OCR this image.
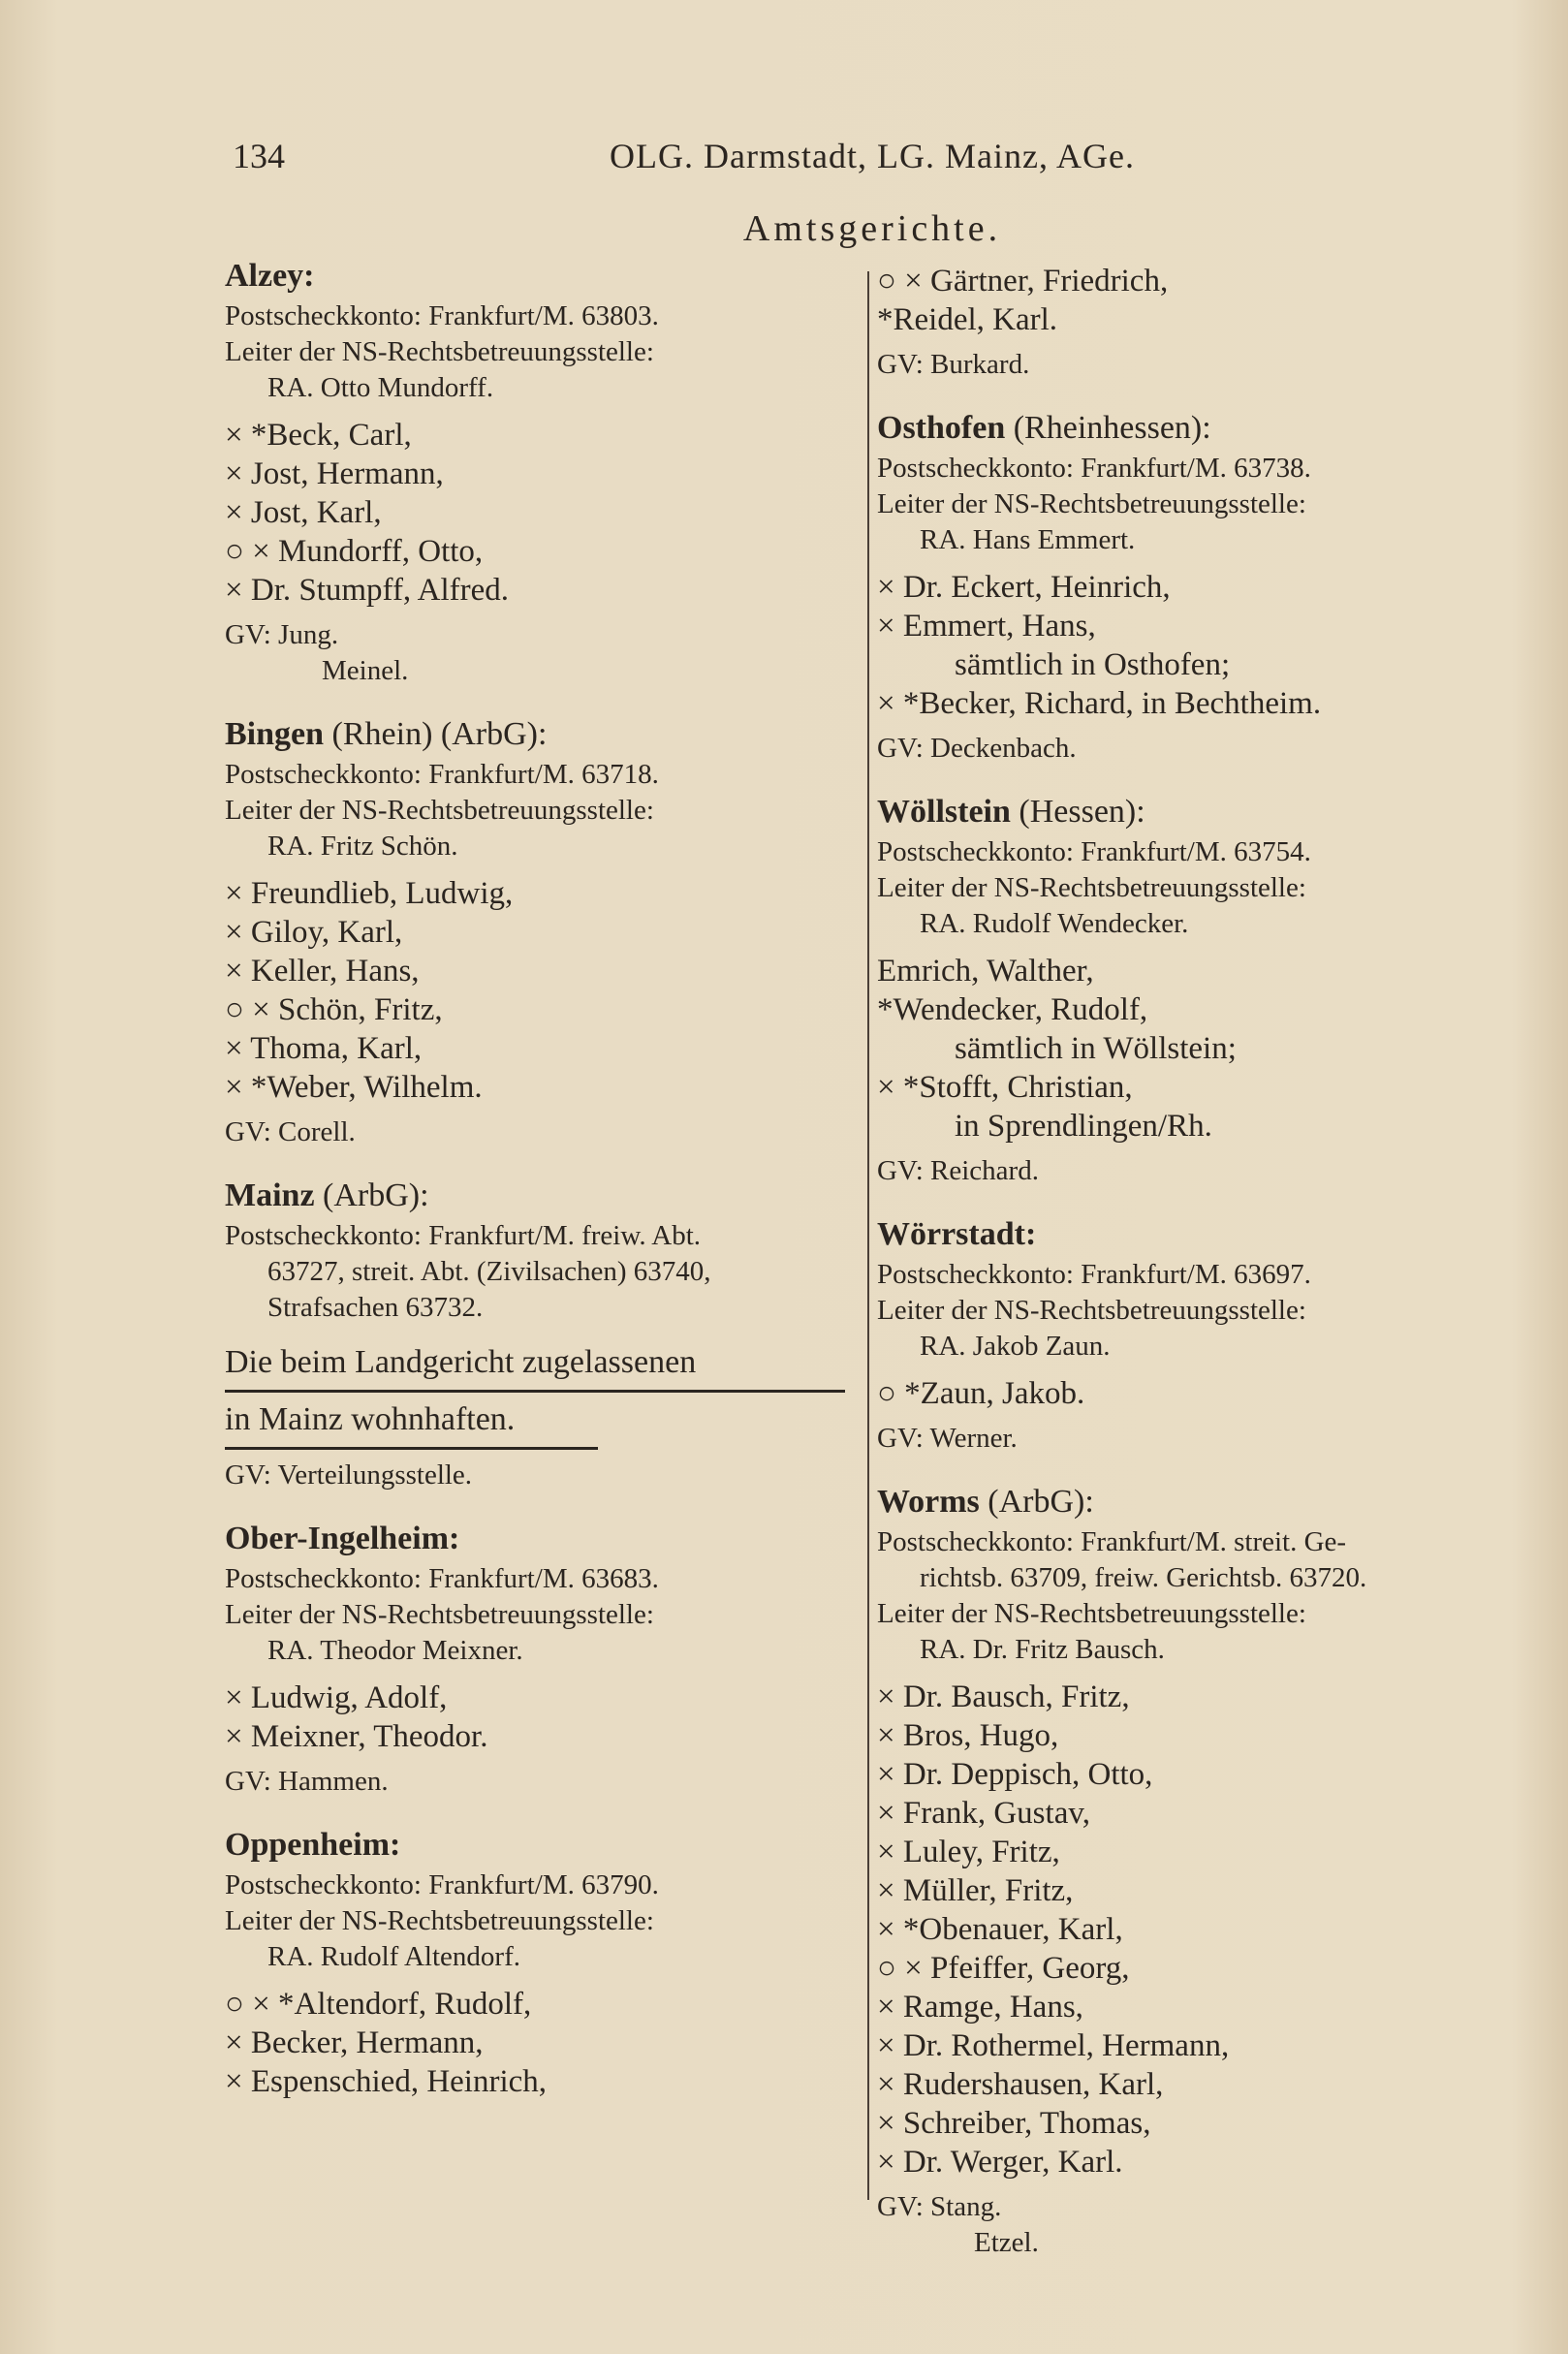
134	OLG. Darmstadt, LG. Mainz, AGe.
Amtsgerichte.
Alzey:
Postscheckkonto: Frankfurt/M. 63803.
Leiter der NS-Rechtsbetreuungsstelle:
RA. Otto Mundorff.
× *Beck, Carl,
× Jost, Hermann,
× Jost, Karl,
○ × Mundorff, Otto,
× Dr. Stumpff, Alfred.
GV: Jung.
Meinel.
Bingen (Rhein) (ArbG):
Postscheckkonto: Frankfurt/M. 63718.
Leiter der NS-Rechtsbetreuungsstelle:
RA. Fritz Schön.
× Freundlieb, Ludwig,
× Giloy, Karl,
× Keller, Hans,
○ × Schön, Fritz,
× Thoma, Karl,
× *Weber, Wilhelm.
GV: Corell.
Mainz (ArbG):
Postscheckkonto: Frankfurt/M. freiw. Abt.
63727, streit. Abt. (Zivilsachen) 63740,
Strafsachen 63732.
Die beim Landgericht zugelassenen
in Mainz wohnhaften.
GV: Verteilungsstelle.
Ober-Ingelheim:
Postscheckkonto: Frankfurt/M. 63683.
Leiter der NS-Rechtsbetreuungsstelle:
RA. Theodor Meixner.
× Ludwig, Adolf,
× Meixner, Theodor.
GV: Hammen.
Oppenheim:
Postscheckkonto: Frankfurt/M. 63790.
Leiter der NS-Rechtsbetreuungsstelle:
RA. Rudolf Altendorf.
○ × *Altendorf, Rudolf,
× Becker, Hermann,
× Espenschied, Heinrich,
○ × Gärtner, Friedrich,
*Reidel, Karl.
GV: Burkard.
Osthofen (Rheinhessen):
Postscheckkonto: Frankfurt/M. 63738.
Leiter der NS-Rechtsbetreuungsstelle:
RA. Hans Emmert.
× Dr. Eckert, Heinrich,
× Emmert, Hans,
sämtlich in Osthofen;
× *Becker, Richard, in Bechtheim.
GV: Deckenbach.
Wöllstein (Hessen):
Postscheckkonto: Frankfurt/M. 63754.
Leiter der NS-Rechtsbetreuungsstelle:
RA. Rudolf Wendecker.
Emrich, Walther,
*Wendecker, Rudolf,
sämtlich in Wöllstein;
× *Stofft, Christian,
in Sprendlingen/Rh.
GV: Reichard.
Wörrstadt:
Postscheckkonto: Frankfurt/M. 63697.
Leiter der NS-Rechtsbetreuungsstelle:
RA. Jakob Zaun.
○ *Zaun, Jakob.
GV: Werner.
Worms (ArbG):
Postscheckkonto: Frankfurt/M. streit. Ge-
richtsb. 63709, freiw. Gerichtsb. 63720.
Leiter der NS-Rechtsbetreuungsstelle:
RA. Dr. Fritz Bausch.
× Dr. Bausch, Fritz,
× Bros, Hugo,
× Dr. Deppisch, Otto,
× Frank, Gustav,
× Luley, Fritz,
× Müller, Fritz,
× *Obenauer, Karl,
○ × Pfeiffer, Georg,
× Ramge, Hans,
× Dr. Rothermel, Hermann,
× Rudershausen, Karl,
× Schreiber, Thomas,
× Dr. Werger, Karl.
GV: Stang.
Etzel.
